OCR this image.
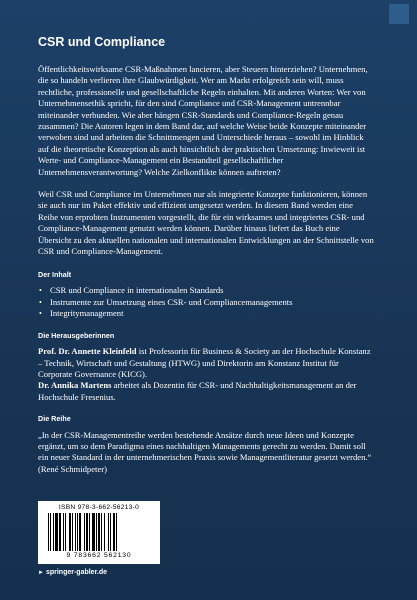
CSR und Compliance

Öffentlichkeitswirksame CSR-Maßnahmen lancieren, aber Steuern hinterziehen? Unternehmen, die so handeln verlieren ihre Glaubwürdigkeit. Wer am Markt erfolgreich sein will, muss rechtliche, professionelle und gesellschaftliche Regeln einhalten. Mit anderen Worten: Wer von Unternehmensethik spricht, für den sind Compliance und CSR-Management untrennbar miteinander verbunden. Wie aber hängen CSR-Standards und Compliance-Regeln genau zusammen? Die Autoren legen in dem Band dar, auf welche Weise beide Konzepte miteinander verwoben sind und arbeiten die Schnittmengen und Unterschiede heraus – sowohl im Hinblick auf die theoretische Konzeption als auch hinsichtlich der praktischen Umsetzung: Inwieweit ist Werte- und Compliance-Management ein Bestandteil gesellschaftlicher Unternehmensverantwortung? Welche Zielkonflikte können auftreten?

Weil CSR und Compliance im Unternehmen nur als integrierte Konzepte funktionieren, können sie auch nur im Paket effektiv und effizient umgesetzt werden. In diesem Band werden eine Reihe von erprobten Instrumenten vorgestellt, die für ein wirksames und integriertes CSR- und Compliance-Management genutzt werden können. Darüber hinaus liefert das Buch eine Übersicht zu den aktuellen nationalen und internationalen Entwicklungen an der Schnittstelle von CSR und Compliance-Management.

Der Inhalt
• CSR und Compliance in internationalen Standards
• Instrumente zur Umsetzung eines CSR- und Compliancemanagements
• Integritymanagement
Die Herausgeberinnen

Prof. Dr. Annette Kleinfeld ist Professorin für Business & Society an der Hochschule Konstanz – Technik, Wirtschaft und Gestaltung (HTWG) und Direktorin am Konstanz Institut für Corporate Governance (KICG).

Dr. Annika Martens arbeitet als Dozentin für CSR- und Nachhaltigkeitsmanagement an der Hochschule Fresenius.

Die Reihe

„In der CSR-Managementreihe werden bestehende Ansätze durch neue Ideen und Konzepte ergänzt, um so dem Paradigma eines nachhaltigen Managements gerecht zu werden. Damit soll ein neuer Standard in der unternehmerischen Praxis sowie Managementliteratur gesetzt werden.“ (René Schmidpeter)

ISBN 978-3-662-56213-0
9 783662 562130
► springer-gabler.de
